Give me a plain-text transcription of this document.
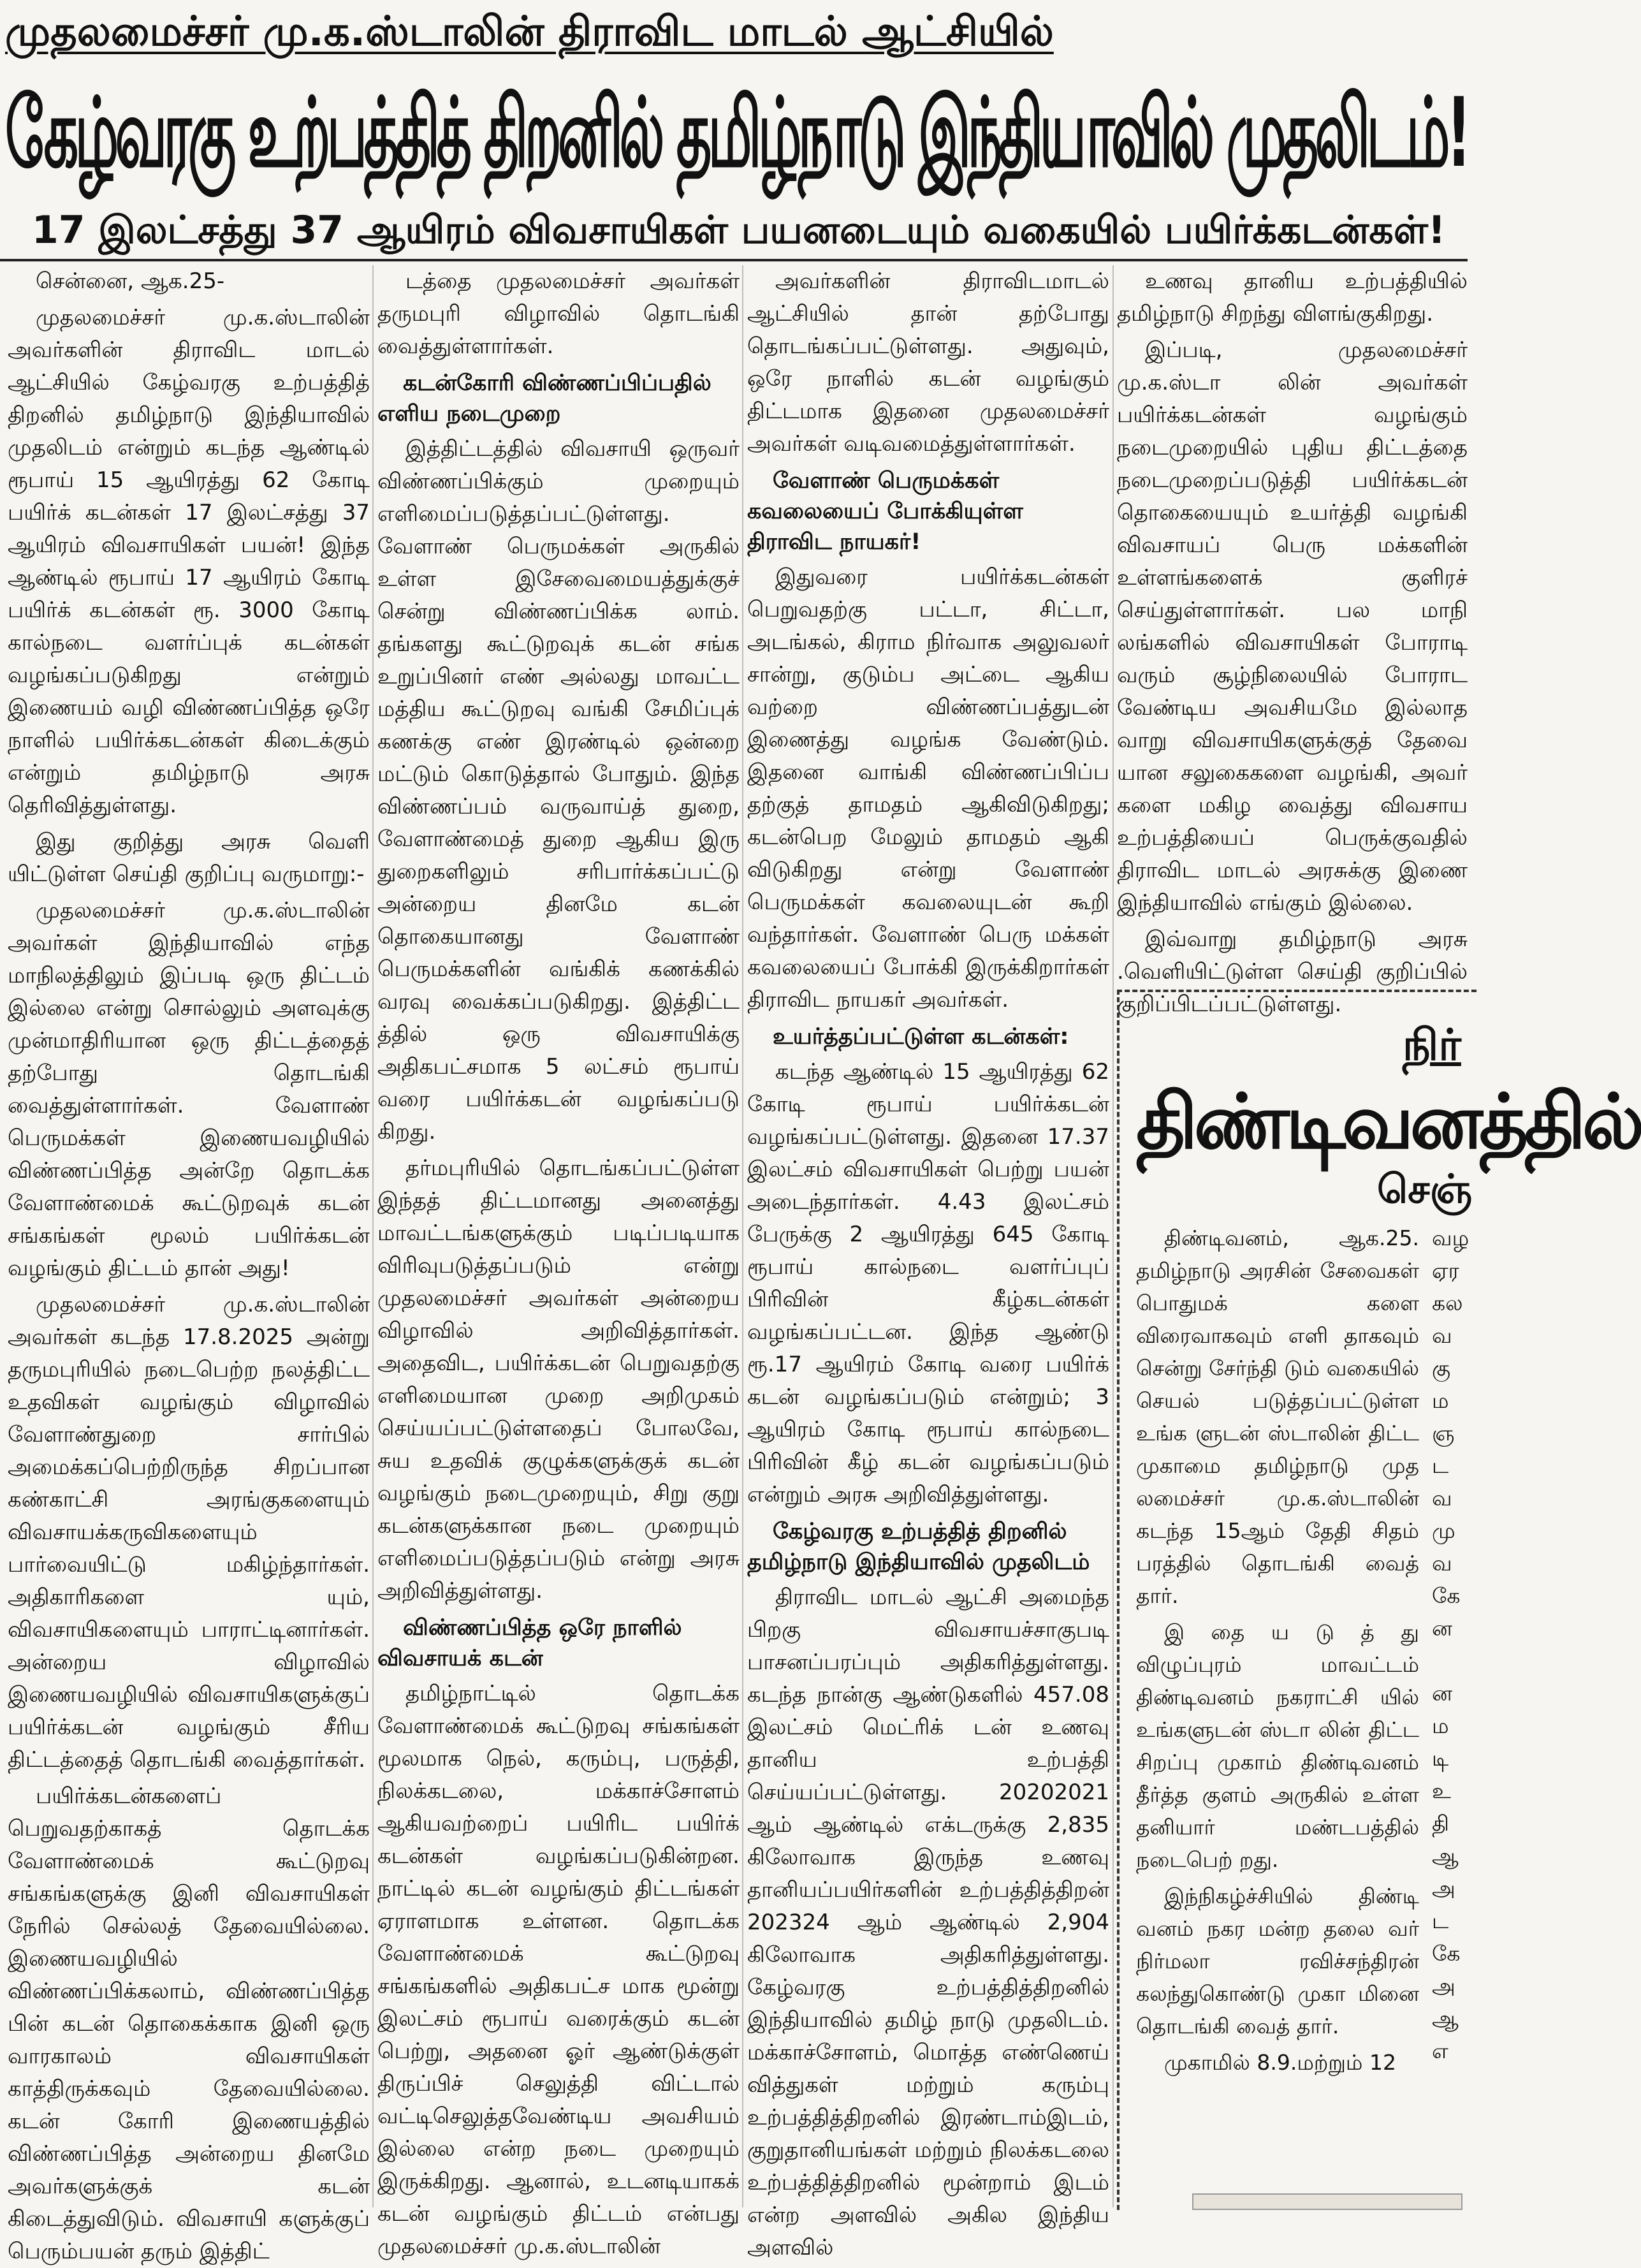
முதலமைச்சர் மு.க.ஸ்டாலின் திராவிட மாடல் ஆட்சியில்
கேழ்வரகு உற்பத்தித் திறனில் தமிழ்நாடு இந்தியாவில் முதலிடம்!
17 இலட்சத்து 37 ஆயிரம் விவசாயிகள் பயனடையும் வகையில் பயிர்க்கடன்கள்!

சென்னை, ஆக.25-

முதலமைச்சர் மு.க.ஸ்டாலின் அவர்களின் திராவிட மாடல் ஆட்சியில் கேழ்வரகு உற்பத்தித் திறனில் தமிழ்நாடு இந்தியாவில் முதலிடம் என்றும் கடந்த ஆண்டில் ரூபாய் 15 ஆயிரத்து 62 கோடி பயிர்க் கடன்கள் 17 இலட்சத்து 37 ஆயிரம் விவசாயிகள் பயன்! இந்த ஆண்டில் ரூபாய் 17 ஆயிரம் கோடி பயிர்க் கடன்கள் ரூ. 3000 கோடி கால்நடை வளர்ப்புக் கடன்கள் வழங்கப்படுகிறது என்றும் இணையம் வழி விண்ணப்பித்த ஒரே நாளில் பயிர்க்கடன்கள் கிடைக்கும் என்றும் தமிழ்நாடு அரசு தெரிவித்துள்ளது.

இது குறித்து அரசு வெளி யிட்டுள்ள செய்தி குறிப்பு வருமாறு:-

முதலமைச்சர் மு.க.ஸ்டாலின் அவர்கள் இந்தியாவில் எந்த மாநிலத்திலும் இப்படி ஒரு திட்டம் இல்லை என்று சொல்லும் அளவுக்கு முன்மாதிரியான ஒரு திட்டத்தைத் தற்போது தொடங்கி வைத்துள்ளார்கள். வேளாண் பெருமக்கள் இணையவழியில் விண்ணப்பித்த அன்றே தொடக்க வேளாண்மைக் கூட்டுறவுக் கடன் சங்கங்கள் மூலம் பயிர்க்கடன் வழங்கும் திட்டம் தான் அது!

முதலமைச்சர் மு.க.ஸ்டாலின் அவர்கள் கடந்த 17.8.2025 அன்று தருமபுரியில் நடைபெற்ற நலத்திட்ட உதவிகள் வழங்கும் விழாவில் வேளாண்துறை சார்பில் அமைக்கப்பெற்றிருந்த சிறப்பான கண்காட்சி அரங்குகளையும் விவசாயக்கருவிகளையும் பார்வையிட்டு மகிழ்ந்தார்கள். அதிகாரிகளை யும், விவசாயிகளையும் பாராட்டினார்கள். அன்றைய விழாவில் இணையவழியில் விவசாயிகளுக்குப் பயிர்க்கடன் வழங்கும் சீரிய திட்டத்தைத் தொடங்கி வைத்தார்கள்.

பயிர்க்கடன்களைப் பெறுவதற்காகத் தொடக்க வேளாண்மைக் கூட்டுறவு சங்கங்களுக்கு இனி விவசாயிகள் நேரில் செல்லத் தேவையில்லை. இணையவழியில் விண்ணப்பிக்கலாம், விண்ணப்பித்த பின் கடன் தொகைக்காக இனி ஒரு வாரகாலம் விவசாயிகள் காத்திருக்கவும் தேவையில்லை. கடன் கோரி இணையத்தில் விண்ணப்பித்த அன்றைய தினமே அவர்களுக்குக் கடன் கிடைத்துவிடும். விவசாயி களுக்குப் பெரும்பயன் தரும் இத்திட்

டத்தை முதலமைச்சர் அவர்கள் தருமபுரி விழாவில் தொடங்கி வைத்துள்ளார்கள்.

கடன்கோரி விண்ணப்பிப்பதில் எளிய நடைமுறை

இத்திட்டத்தில் விவசாயி ஒருவர் விண்ணப்பிக்கும் முறையும் எளிமைப்படுத்தப்பட்டுள்ளது. வேளாண் பெருமக்கள் அருகில் உள்ள இசேவைமையத்துக்குச் சென்று விண்ணப்பிக்க லாம். தங்களது கூட்டுறவுக் கடன் சங்க உறுப்பினர் எண் அல்லது மாவட்ட மத்திய கூட்டுறவு வங்கி சேமிப்புக் கணக்கு எண் இரண்டில் ஒன்றை மட்டும் கொடுத்தால் போதும். இந்த விண்ணப்பம் வருவாய்த் துறை, வேளாண்மைத் துறை ஆகிய இரு துறைகளிலும் சரிபார்க்கப்பட்டு அன்றைய தினமே கடன் தொகையானது வேளாண் பெருமக்களின் வங்கிக் கணக்கில் வரவு வைக்கப்படுகிறது. இத்திட்ட த்தில் ஒரு விவசாயிக்கு அதிகபட்சமாக 5 லட்சம் ரூபாய் வரை பயிர்க்கடன் வழங்கப்படு கிறது.

தர்மபுரியில் தொடங்கப்பட்டுள்ள இந்தத் திட்டமானது அனைத்து மாவட்டங்களுக்கும் படிப்படியாக விரிவுபடுத்தப்படும் என்று முதலமைச்சர் அவர்கள் அன்றைய விழாவில் அறிவித்தார்கள். அதைவிட, பயிர்க்கடன் பெறுவதற்கு எளிமையான முறை அறிமுகம் செய்யப்பட்டுள்ளதைப் போலவே, சுய உதவிக் குழுக்களுக்குக் கடன் வழங்கும் நடைமுறையும், சிறு குறு கடன்களுக்கான நடை முறையும் எளிமைப்படுத்தப்படும் என்று அரசு அறிவித்துள்ளது.

விண்ணப்பித்த ஒரே நாளில் விவசாயக் கடன்

தமிழ்நாட்டில் தொடக்க வேளாண்மைக் கூட்டுறவு சங்கங்கள் மூலமாக நெல், கரும்பு, பருத்தி, நிலக்கடலை, மக்காச்சோளம் ஆகியவற்றைப் பயிரிட பயிர்க் கடன்கள் வழங்கப்படுகின்றன. நாட்டில் கடன் வழங்கும் திட்டங்கள் ஏராளமாக உள்ளன. தொடக்க வேளாண்மைக் கூட்டுறவு சங்கங்களில் அதிகபட்ச மாக மூன்று இலட்சம் ரூபாய் வரைக்கும் கடன் பெற்று, அதனை ஓர் ஆண்டுக்குள் திருப்பிச் செலுத்தி விட்டால் வட்டிசெலுத்தவேண்டிய அவசியம் இல்லை என்ற நடை முறையும் இருக்கிறது. ஆனால், உடனடியாகக் கடன் வழங்கும் திட்டம் என்பது முதலமைச்சர் மு.க.ஸ்டாலின்

அவர்களின் திராவிடமாடல் ஆட்சியில் தான் தற்போது தொடங்கப்பட்டுள்ளது. அதுவும், ஒரே நாளில் கடன் வழங்கும் திட்டமாக இதனை முதலமைச்சர் அவர்கள் வடிவமைத்துள்ளார்கள்.

வேளாண் பெருமக்கள் கவலையைப் போக்கியுள்ள திராவிட நாயகர்!

இதுவரை பயிர்க்கடன்கள் பெறுவதற்கு பட்டா, சிட்டா, அடங்கல், கிராம நிர்வாக அலுவலர் சான்று, குடும்ப அட்டை ஆகிய வற்றை விண்ணப்பத்துடன் இணைத்து வழங்க வேண்டும். இதனை வாங்கி விண்ணப்பிப்ப தற்குத் தாமதம் ஆகிவிடுகிறது; கடன்பெற மேலும் தாமதம் ஆகி விடுகிறது என்று வேளாண் பெருமக்கள் கவலையுடன் கூறி வந்தார்கள். வேளாண் பெரு மக்கள் கவலையைப் போக்கி இருக்கிறார்கள் திராவிட நாயகர் அவர்கள்.

உயர்த்தப்பட்டுள்ள கடன்கள்:

கடந்த ஆண்டில் 15 ஆயிரத்து 62 கோடி ரூபாய் பயிர்க்கடன் வழங்கப்பட்டுள்ளது. இதனை 17.37 இலட்சம் விவசாயிகள் பெற்று பயன் அடைந்தார்கள். 4.43 இலட்சம் பேருக்கு 2 ஆயிரத்து 645 கோடி ரூபாய் கால்நடை வளர்ப்புப் பிரிவின் கீழ்கடன்கள் வழங்கப்பட்டன. இந்த ஆண்டு ரூ.17 ஆயிரம் கோடி வரை பயிர்க் கடன் வழங்கப்படும் என்றும்; 3 ஆயிரம் கோடி ரூபாய் கால்நடை பிரிவின் கீழ் கடன் வழங்கப்படும் என்றும் அரசு அறிவித்துள்ளது.

கேழ்வரகு உற்பத்தித் திறனில் தமிழ்நாடு இந்தியாவில் முதலிடம்

திராவிட மாடல் ஆட்சி அமைந்த பிறகு விவசாயச்சாகுபடி பாசனப்பரப்பும் அதிகரித்துள்ளது. கடந்த நான்கு ஆண்டுகளில் 457.08 இலட்சம் மெட்ரிக் டன் உணவு தானிய உற்பத்தி செய்யப்பட்டுள்ளது. 20202021 ஆம் ஆண்டில் எக்டருக்கு 2,835 கிலோவாக இருந்த உணவு தானியப்பயிர்களின் உற்பத்தித்திறன் 202324 ஆம் ஆண்டில் 2,904 கிலோவாக அதிகரித்துள்ளது. கேழ்வரகு உற்பத்தித்திறனில் இந்தியாவில் தமிழ் நாடு முதலிடம். மக்காச்சோளம், மொத்த எண்ணெய் வித்துகள் மற்றும் கரும்பு உற்பத்தித்திறனில் இரண்டாம்இடம், குறுதானியங்கள் மற்றும் நிலக்கடலை உற்பத்தித்திறனில் மூன்றாம் இடம் என்ற அளவில் அகில இந்திய அளவில்

உணவு தானிய உற்பத்தியில் தமிழ்நாடு சிறந்து விளங்குகிறது.

இப்படி, முதலமைச்சர் மு.க.ஸ்டா லின் அவர்கள் பயிர்க்கடன்கள் வழங்கும் நடைமுறையில் புதிய திட்டத்தை நடைமுறைப்படுத்தி பயிர்க்கடன் தொகையையும் உயர்த்தி வழங்கி விவசாயப் பெரு மக்களின் உள்ளங்களைக் குளிரச் செய்துள்ளார்கள். பல மாநி லங்களில் விவசாயிகள் போராடி வரும் சூழ்நிலையில் போராட வேண்டிய அவசியமே இல்லாத வாறு விவசாயிகளுக்குத் தேவை யான சலுகைகளை வழங்கி, அவர் களை மகிழ வைத்து விவசாய உற்பத்தியைப் பெருக்குவதில் திராவிட மாடல் அரசுக்கு இணை இந்தியாவில் எங்கும் இல்லை.

இவ்வாறு தமிழ்நாடு அரசு .வெளியிட்டுள்ள செய்தி குறிப்பில் குறிப்பிடப்பட்டுள்ளது.

நிர்
திண்டிவனத்தில்
செஞ்

திண்டிவனம், ஆக.25. தமிழ்நாடு அரசின் சேவைகள் பொதுமக் களை விரைவாகவும் எளி தாகவும் சென்று சேர்ந்தி டும் வகையில் செயல் படுத்தப்பட்டுள்ள உங்க ளுடன் ஸ்டாலின் திட்ட முகாமை தமிழ்நாடு முத லமைச்சர் மு.க.ஸ்டாலின் கடந்த 15ஆம் தேதி சிதம் பரத்தில் தொடங்கி வைத் தார்.

இ தை ய டு த் து விழுப்புரம் மாவட்டம் திண்டிவனம் நகராட்சி யில் உங்களுடன் ஸ்டா லின் திட்ட சிறப்பு முகாம் திண்டிவனம் தீர்த்த குளம் அருகில் உள்ள தனியார் மண்டபத்தில் நடைபெற் றது.

இந்நிகழ்ச்சியில் திண்டி வனம் நகர மன்ற தலை வர் நிர்மலா ரவிச்சந்திரன் கலந்துகொண்டு முகா மினை தொடங்கி வைத் தார்.

முகாமில் 8.9.மற்றும் 12

வழ
ஏர
கல
வ
கு
ம
ஞ
ட
வ
மு
வ
கே
ன

ன
ம
டி
உ
தி
ஆ
அ
ட
கே
அ
ஆ
எ
